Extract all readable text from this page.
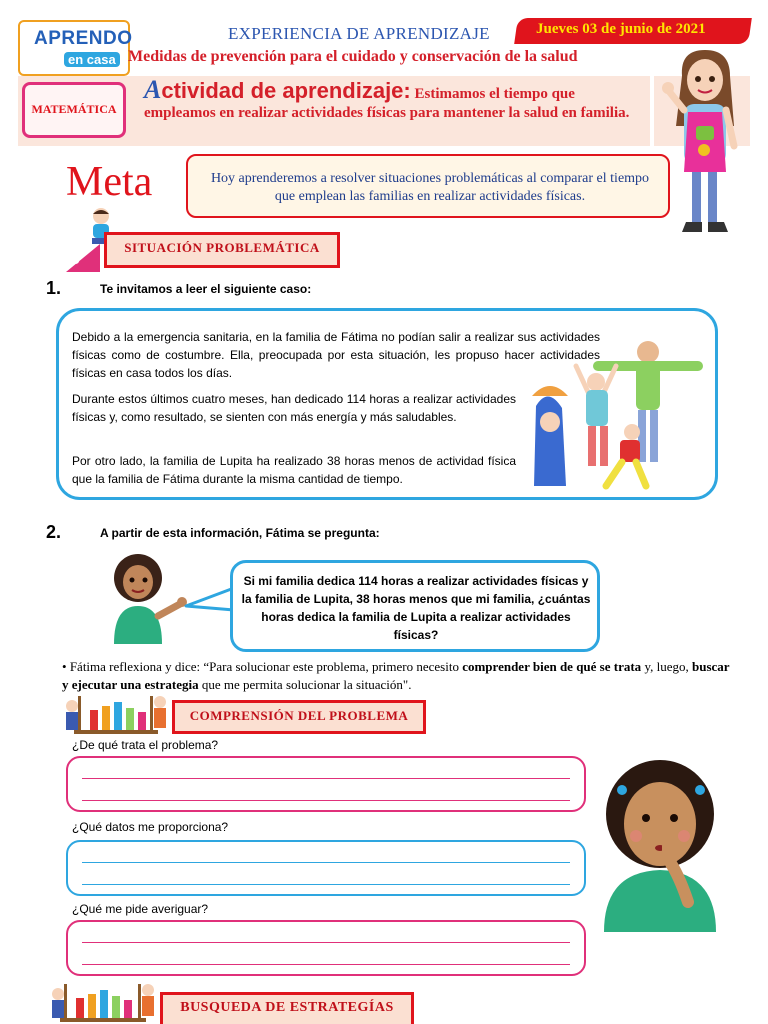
APRENDO
en casa
EXPERIENCIA DE APRENDIZAJE	Jueves 03 de junio de 2021
Medidas de prevención para el cuidado y conservación de la salud
MATEMÁTICA
Actividad de aprendizaje: Estimamos el tiempo que empleamos en realizar actividades físicas para mantener la salud en familia.
Meta	Hoy aprenderemos a resolver situaciones problemáticas al comparar el tiempo que emplean las familias en realizar actividades físicas.
6
SITUACIÓN PROBLEMÁTICA
1.	Te invitamos a leer el siguiente caso:
Debido a la emergencia sanitaria, en la familia de Fátima no podían salir a realizar sus actividades físicas como de costumbre. Ella, preocupada por esta situación, les propuso hacer actividades físicas en casa todos los días.
Durante estos últimos cuatro meses, han dedicado 114 horas a realizar actividades físicas y, como resultado, se sienten con más energía y más saludables.
Por otro lado, la familia de Lupita ha realizado 38 horas menos de actividad física que la familia de Fátima durante la misma cantidad de tiempo.
2.	A partir de esta información, Fátima se pregunta:
Si mi familia dedica 114 horas a realizar actividades físicas y la familia de Lupita, 38 horas menos que mi familia, ¿cuántas horas dedica la familia de Lupita a realizar actividades físicas?
• Fátima reflexiona y dice: “Para solucionar este problema, primero necesito comprender bien de qué se trata y, luego, buscar y ejecutar una estrategia que me permita solucionar la situación".
COMPRENSIÓN DEL PROBLEMA
¿De qué trata el problema?
¿Qué datos me proporciona?
¿Qué me pide averiguar?
BUSQUEDA DE ESTRATEGÍAS
